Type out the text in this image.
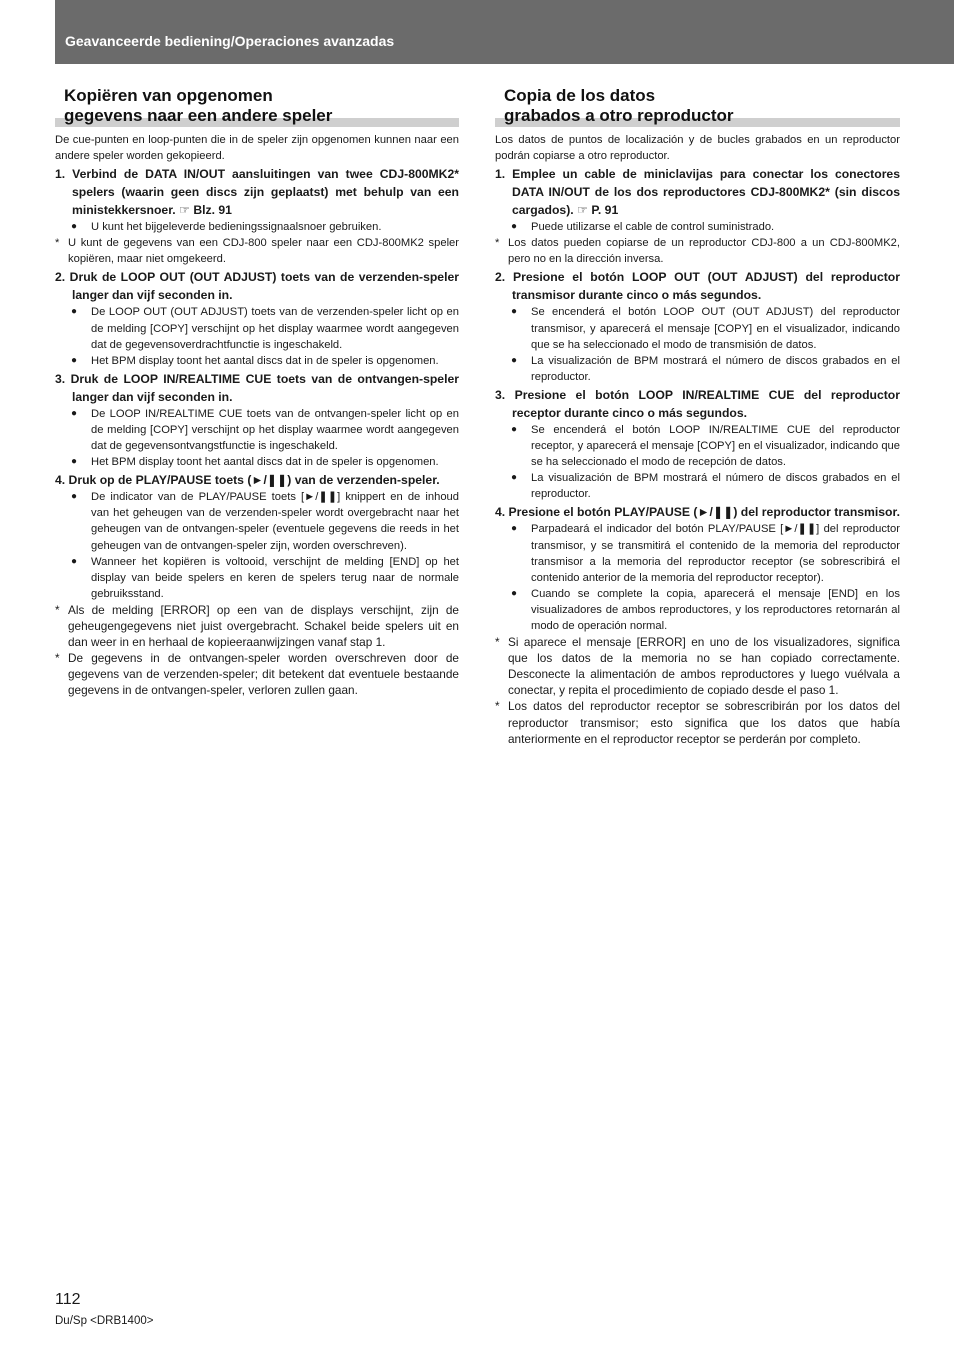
Geavanceerde bediening/Operaciones avanzadas
Kopiëren van opgenomen
gegevens naar een andere speler

De cue-punten en loop-punten die in de speler zijn opgenomen kunnen naar een andere speler worden gekopieerd.

1. Verbind de DATA IN/OUT aansluitingen van twee CDJ-800MK2* spelers (waarin geen discs zijn geplaatst) met behulp van een ministekkersnoer. ☞ Blz. 91

● U kunt het bijgeleverde bedieningssignaalsnoer gebruiken.

* U kunt de gegevens van een CDJ-800 speler naar een CDJ-800MK2 speler kopiëren, maar niet omgekeerd.

2. Druk de LOOP OUT (OUT ADJUST) toets van de verzenden-speler langer dan vijf seconden in.

● De LOOP OUT (OUT ADJUST) toets van de verzenden-speler licht op en de melding [COPY] verschijnt op het display waarmee wordt aangegeven dat de gegevensoverdrachtfunctie is ingeschakeld.

● Het BPM display toont het aantal discs dat in de speler is opgenomen.

3. Druk de LOOP IN/REALTIME CUE toets van de ontvangen-speler langer dan vijf seconden in.

● De LOOP IN/REALTIME CUE toets van de ontvangen-speler licht op en de melding [COPY] verschijnt op het display waarmee wordt aangegeven dat de gegevensontvangstfunctie is ingeschakeld.

● Het BPM display toont het aantal discs dat in de speler is opgenomen.

4. Druk op de PLAY/PAUSE toets (►/❚❚) van de verzenden-speler.

● De indicator van de PLAY/PAUSE toets [►/❚❚] knippert en de inhoud van het geheugen van de verzenden-speler wordt overgebracht naar het geheugen van de ontvangen-speler (eventuele gegevens die reeds in het geheugen van de ontvangen-speler zijn, worden overschreven).

● Wanneer het kopiëren is voltooid, verschijnt de melding [END] op het display van beide spelers en keren de spelers terug naar de normale gebruiksstand.

* Als de melding [ERROR] op een van de displays verschijnt, zijn de geheugengegevens niet juist overgebracht. Schakel beide spelers uit en dan weer in en herhaal de kopieeraanwijzingen vanaf stap 1.

* De gegevens in de ontvangen-speler worden overschreven door de gegevens van de verzenden-speler; dit betekent dat eventuele bestaande gegevens in de ontvangen-speler, verloren zullen gaan.

Copia de los datos
grabados a otro reproductor

Los datos de puntos de localización y de bucles grabados en un reproductor podrán copiarse a otro reproductor.

1. Emplee un cable de miniclavijas para conectar los conectores DATA IN/OUT de los dos reproductores CDJ-800MK2* (sin discos cargados). ☞ P. 91

● Puede utilizarse el cable de control suministrado.

* Los datos pueden copiarse de un reproductor CDJ-800 a un CDJ-800MK2, pero no en la dirección inversa.

2. Presione el botón LOOP OUT (OUT ADJUST) del reproductor transmisor durante cinco o más segundos.

● Se encenderá el botón LOOP OUT (OUT ADJUST) del reproductor transmisor, y aparecerá el mensaje [COPY] en el visualizador, indicando que se ha seleccionado el modo de transmisión de datos.

● La visualización de BPM mostrará el número de discos grabados en el reproductor.

3. Presione el botón LOOP IN/REALTIME CUE del reproductor receptor durante cinco o más segundos.

● Se encenderá el botón LOOP IN/REALTIME CUE del reproductor receptor, y aparecerá el mensaje [COPY] en el visualizador, indicando que se ha seleccionado el modo de recepción de datos.

● La visualización de BPM mostrará el número de discos grabados en el reproductor.

4. Presione el botón PLAY/PAUSE (►/❚❚) del reproductor transmisor.

● Parpadeará el indicador del botón PLAY/PAUSE [►/❚❚] del reproductor transmisor, y se transmitirá el contenido de la memoria del reproductor transmisor a la memoria del reproductor receptor (se sobrescribirá el contenido anterior de la memoria del reproductor receptor).

● Cuando se complete la copia, aparecerá el mensaje [END] en los visualizadores de ambos reproductores, y los reproductores retornarán al modo de operación normal.

* Si aparece el mensaje [ERROR] en uno de los visualizadores, significa que los datos de la memoria no se han copiado correctamente. Desconecte la alimentación de ambos reproductores y luego vuélvala a conectar, y repita el procedimiento de copiado desde el paso 1.

* Los datos del reproductor receptor se sobrescribirán por los datos del reproductor transmisor; esto significa que los datos que había anteriormente en el reproductor receptor se perderán por completo.

112
Du/Sp <DRB1400>
